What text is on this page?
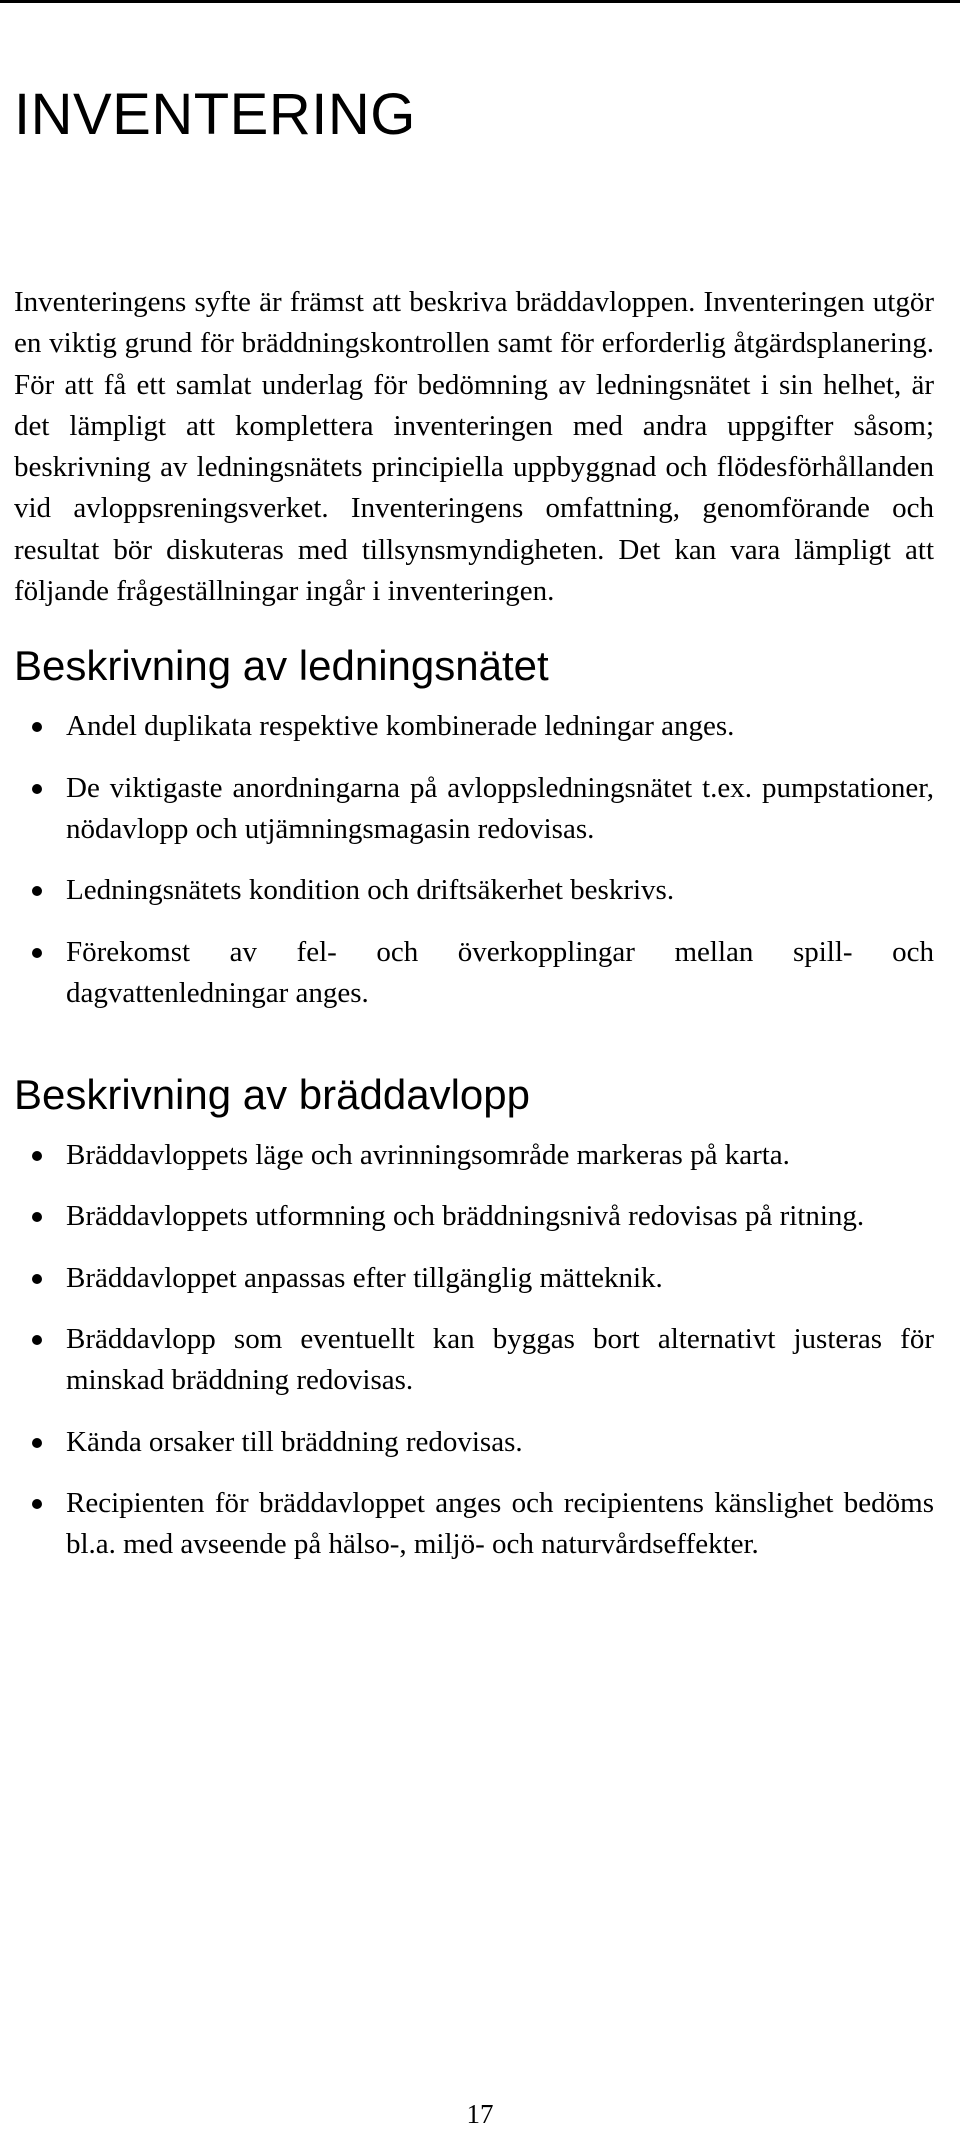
INVENTERING

Inventeringens syfte är främst att beskriva bräddavloppen. Inventeringen utgör en viktig grund för bräddningskontrollen samt för erforderlig åtgärdsplanering. För att få ett samlat underlag för bedömning av ledningsnätet i sin helhet, är det lämpligt att komplettera inventeringen med andra uppgifter såsom; beskrivning av ledningsnätets principiella uppbyggnad och flödesförhållanden vid avloppsreningsverket. Inventeringens omfattning, genomförande och resultat bör diskuteras med tillsynsmyndigheten. Det kan vara lämpligt att följande frågeställningar ingår i inventeringen.

Beskrivning av ledningsnätet
Andel duplikata respektive kombinerade ledningar anges.
De viktigaste anordningarna på avloppsledningsnätet t.ex. pumpstationer, nödavlopp och utjämningsmagasin redovisas.
Ledningsnätets kondition och driftsäkerhet beskrivs.
Förekomst av fel- och överkopplingar mellan spill- och dagvattenledningar anges.
Beskrivning av bräddavlopp
Bräddavloppets läge och avrinningsområde markeras på karta.
Bräddavloppets utformning och bräddningsnivå redovisas på ritning.
Bräddavloppet anpassas efter tillgänglig mätteknik.
Bräddavlopp som eventuellt kan byggas bort alternativt justeras för minskad bräddning redovisas.
Kända orsaker till bräddning redovisas.
Recipienten för bräddavloppet anges och recipientens känslighet bedöms bl.a. med avseende på hälso-, miljö- och naturvårdseffekter.
17
